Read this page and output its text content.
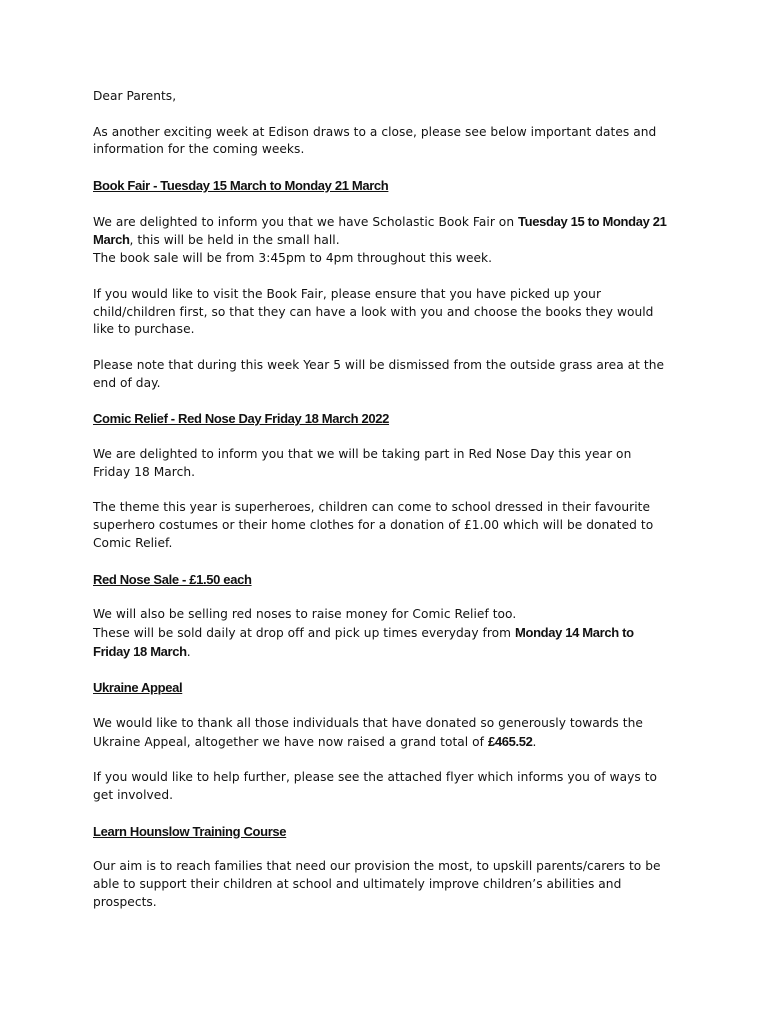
Dear Parents,

As another exciting week at Edison draws to a close, please see below important dates and information for the coming weeks.

Book Fair - Tuesday 15 March to Monday 21 March

We are delighted to inform you that we have Scholastic Book Fair on Tuesday 15 to Monday 21 March, this will be held in the small hall.
The book sale will be from 3:45pm to 4pm throughout this week.

If you would like to visit the Book Fair, please ensure that you have picked up your child/children first, so that they can have a look with you and choose the books they would like to purchase.

Please note that during this week Year 5 will be dismissed from the outside grass area at the end of day.

Comic Relief - Red Nose Day Friday 18 March 2022

We are delighted to inform you that we will be taking part in Red Nose Day this year on Friday 18 March.

The theme this year is superheroes, children can come to school dressed in their favourite superhero costumes or their home clothes for a donation of £1.00 which will be donated to Comic Relief.

Red Nose Sale - £1.50 each

We will also be selling red noses to raise money for Comic Relief too.
These will be sold daily at drop off and pick up times everyday from Monday 14 March to Friday 18 March.

Ukraine Appeal

We would like to thank all those individuals that have donated so generously towards the Ukraine Appeal, altogether we have now raised a grand total of £465.52.

If you would like to help further, please see the attached flyer which informs you of ways to get involved.

Learn Hounslow Training Course

Our aim is to reach families that need our provision the most, to upskill parents/carers to be able to support their children at school and ultimately improve children’s abilities and prospects.
